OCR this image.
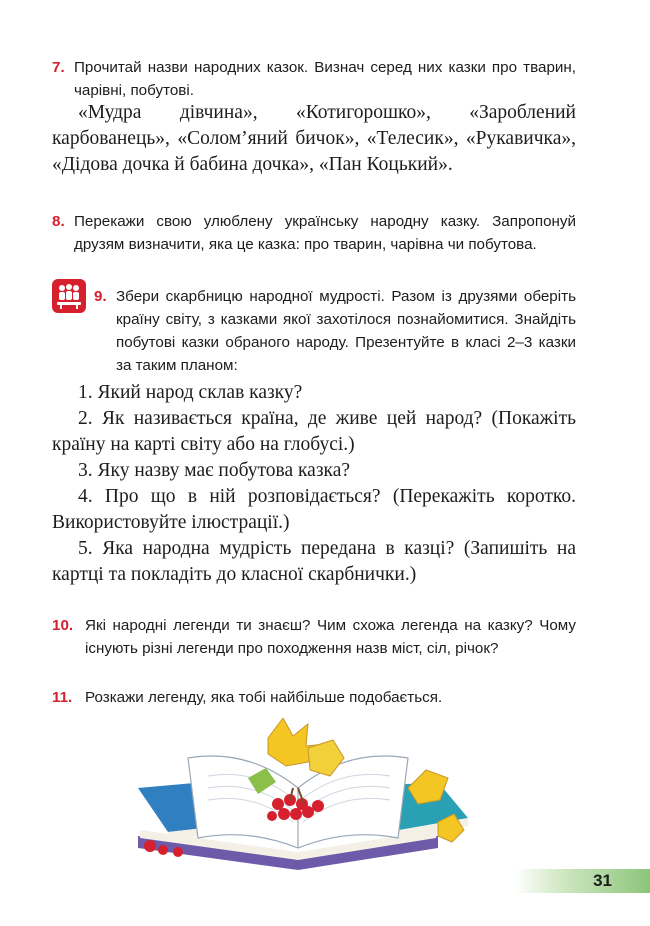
7. Прочитай назви народних казок. Визнач серед них казки про тварин, чарівні, побутові.

«Мудра дівчина», «Котигорошко», «Зароблений карбованець», «Солом’яний бичок», «Телесик», «Рукавичка», «Дідова дочка й бабина дочка», «Пан Коцький».

8. Перекажи свою улюблену українську народну казку. Запропонуй друзям визначити, яка це казка: про тварин, чарівна чи побутова.
9. Збери скарбницю народної мудрості. Разом із друзями оберіть країну світу, з казками якої захотілося познайомитися. Знайдіть побутові казки обраного народу. Презентуйте в класі 2–3 казки за таким планом:

1. Який народ склав казку?

2. Як називається країна, де живе цей народ? (Покажіть країну на карті світу або на глобусі.)

3. Яку назву має побутова казка?

4. Про що в ній розповідається? (Перекажіть коротко. Використовуйте ілюстрації.)

5. Яка народна мудрість передана в казці? (Запишіть на картці та покладіть до класної скарбнички.)

10. Які народні легенди ти знаєш? Чим схожа легенда на казку? Чому існують різні легенди про походження назв міст, сіл, річок?
11. Розкажи легенду, яка тобі найбільше подобається.
31
